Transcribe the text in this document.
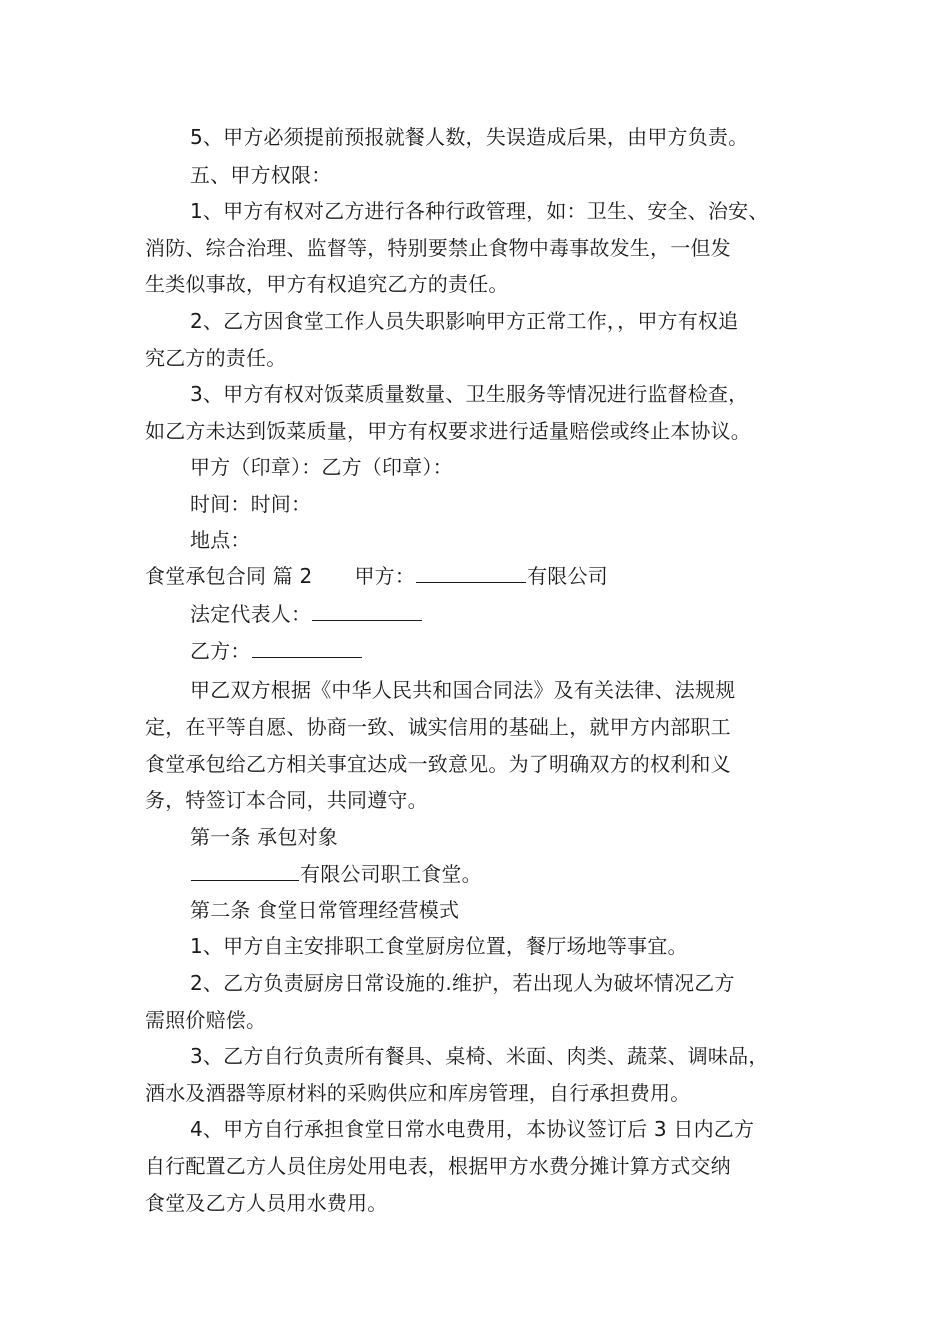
5、甲方必须提前预报就餐人数，失误造成后果，由甲方负责。
五、甲方权限：
1、甲方有权对乙方进行各种行政管理，如：卫生、安全、治安、
消防、综合治理、监督等，特别要禁止食物中毒事故发生，一但发
生类似事故，甲方有权追究乙方的责任。
2、乙方因食堂工作人员失职影响甲方正常工作，，甲方有权追
究乙方的责任。
3、甲方有权对饭菜质量数量、卫生服务等情况进行监督检查，
如乙方未达到饭菜质量，甲方有权要求进行适量赔偿或终止本协议。
甲方（印章）：乙方（印章）：
时间：时间：
地点：
食堂承包合同 篇 2 甲方：	有限公司
法定代表人：
乙方：
甲乙双方根据《中华人民共和国合同法》及有关法律、法规规
定，在平等自愿、协商一致、诚实信用的基础上，就甲方内部职工
食堂承包给乙方相关事宜达成一致意见。为了明确双方的权利和义
务，特签订本合同，共同遵守。
第一条 承包对象
有限公司职工食堂。
第二条 食堂日常管理经营模式
1、甲方自主安排职工食堂厨房位置，餐厅场地等事宜。
2、乙方负责厨房日常设施的.维护，若出现人为破坏情况乙方
需照价赔偿。
3、乙方自行负责所有餐具、桌椅、米面、肉类、蔬菜、调味品，
酒水及酒器等原材料的采购供应和库房管理，自行承担费用。
4、甲方自行承担食堂日常水电费用，本协议签订后 3 日内乙方
自行配置乙方人员住房处用电表，根据甲方水费分摊计算方式交纳
食堂及乙方人员用水费用。
